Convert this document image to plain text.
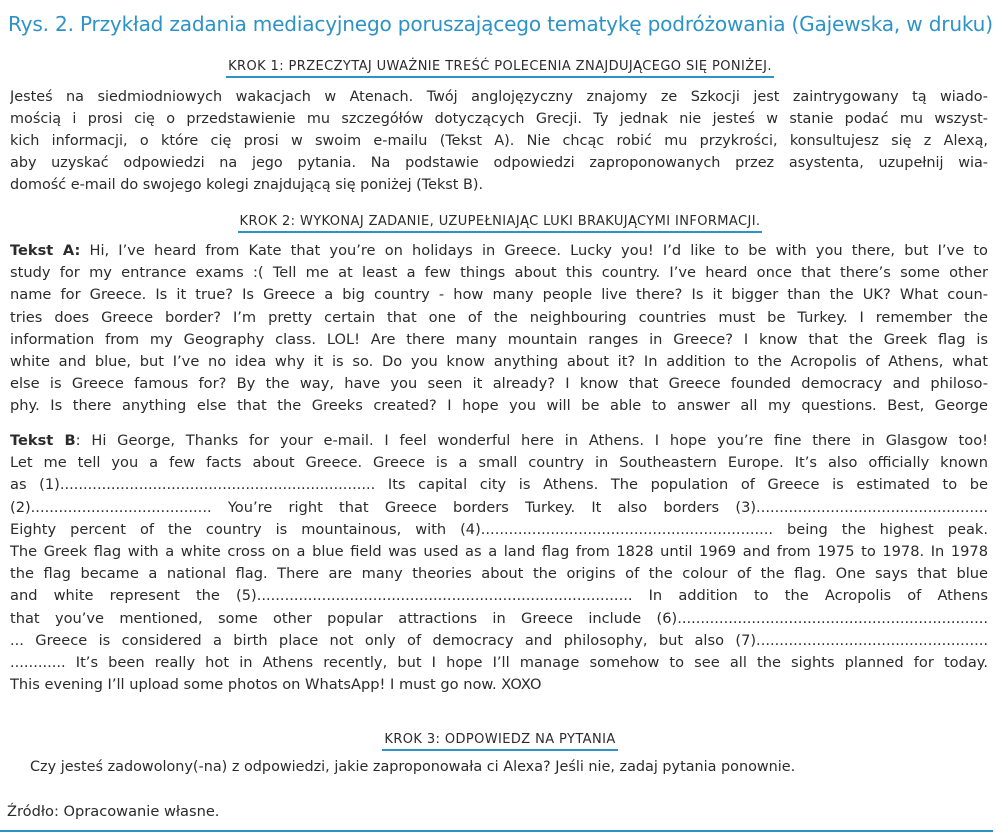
Rys. 2. Przykład zadania mediacyjnego poruszającego tematykę podróżowania (Gajewska, w druku)
KROK 1: PRZECZYTAJ UWAŻNIE TREŚĆ POLECENIA ZNAJDUJĄCEGO SIĘ PONIŻEJ.
Jesteś na siedmiodniowych wakacjach w Atenach. Twój anglojęzyczny znajomy ze Szkocji jest zaintrygowany tą wiado-
mością i prosi cię o przedstawienie mu szczegółów dotyczących Grecji. Ty jednak nie jesteś w stanie podać mu wszyst-
kich informacji, o które cię prosi w swoim e-mailu (Tekst A). Nie chcąc robić mu przykrości, konsultujesz się z Alexą,
aby uzyskać odpowiedzi na jego pytania. Na podstawie odpowiedzi zaproponowanych przez asystenta, uzupełnij wia-
domość e-mail do swojego kolegi znajdującą się poniżej (Tekst B).
KROK 2: WYKONAJ ZADANIE, UZUPEŁNIAJĄC LUKI BRAKUJĄCYMI INFORMACJI.
Tekst A: Hi, I’ve heard from Kate that you’re on holidays in Greece. Lucky you! I’d like to be with you there, but I’ve to
study for my entrance exams :( Tell me at least a few things about this country. I’ve heard once that there’s some other
name for Greece. Is it true? Is Greece a big country - how many people live there? Is it bigger than the UK? What coun-
tries does Greece border? I’m pretty certain that one of the neighbouring countries must be Turkey. I remember the
information from my Geography class. LOL! Are there many mountain ranges in Greece? I know that the Greek flag is
white and blue, but I’ve no idea why it is so. Do you know anything about it? In addition to the Acropolis of Athens, what
else is Greece famous for? By the way, have you seen it already? I know that Greece founded democracy and philoso-
phy. Is there anything else that the Greeks created? I hope you will be able to answer all my questions. Best, George
Tekst B: Hi George, Thanks for your e-mail. I feel wonderful here in Athens. I hope you’re fine there in Glasgow too!
Let me tell you a few facts about Greece. Greece is a small country in Southeastern Europe. It’s also officially known
as (1).................................................................... Its capital city is Athens. The population of Greece is estimated to be
(2)....................................... You’re right that Greece borders Turkey. It also borders (3)..................................................
Eighty percent of the country is mountainous, with (4)............................................................... being the highest peak.
The Greek flag with a white cross on a blue field was used as a land flag from 1828 until 1969 and from 1975 to 1978. In 1978
the flag became a national flag. There are many theories about the origins of the colour of the flag. One says that blue
and white represent the (5)................................................................................. In addition to the Acropolis of Athens
that you’ve mentioned, some other popular attractions in Greece include (6)...................................................................
... Greece is considered a birth place not only of democracy and philosophy, but also (7)..................................................
............ It’s been really hot in Athens recently, but I hope I’ll manage somehow to see all the sights planned for today.
This evening I’ll upload some photos on WhatsApp! I must go now. XOXO
KROK 3: ODPOWIEDZ NA PYTANIA
Czy jesteś zadowolony(-na) z odpowiedzi, jakie zaproponowała ci Alexa? Jeśli nie, zadaj pytania ponownie.
Źródło: Opracowanie własne.
